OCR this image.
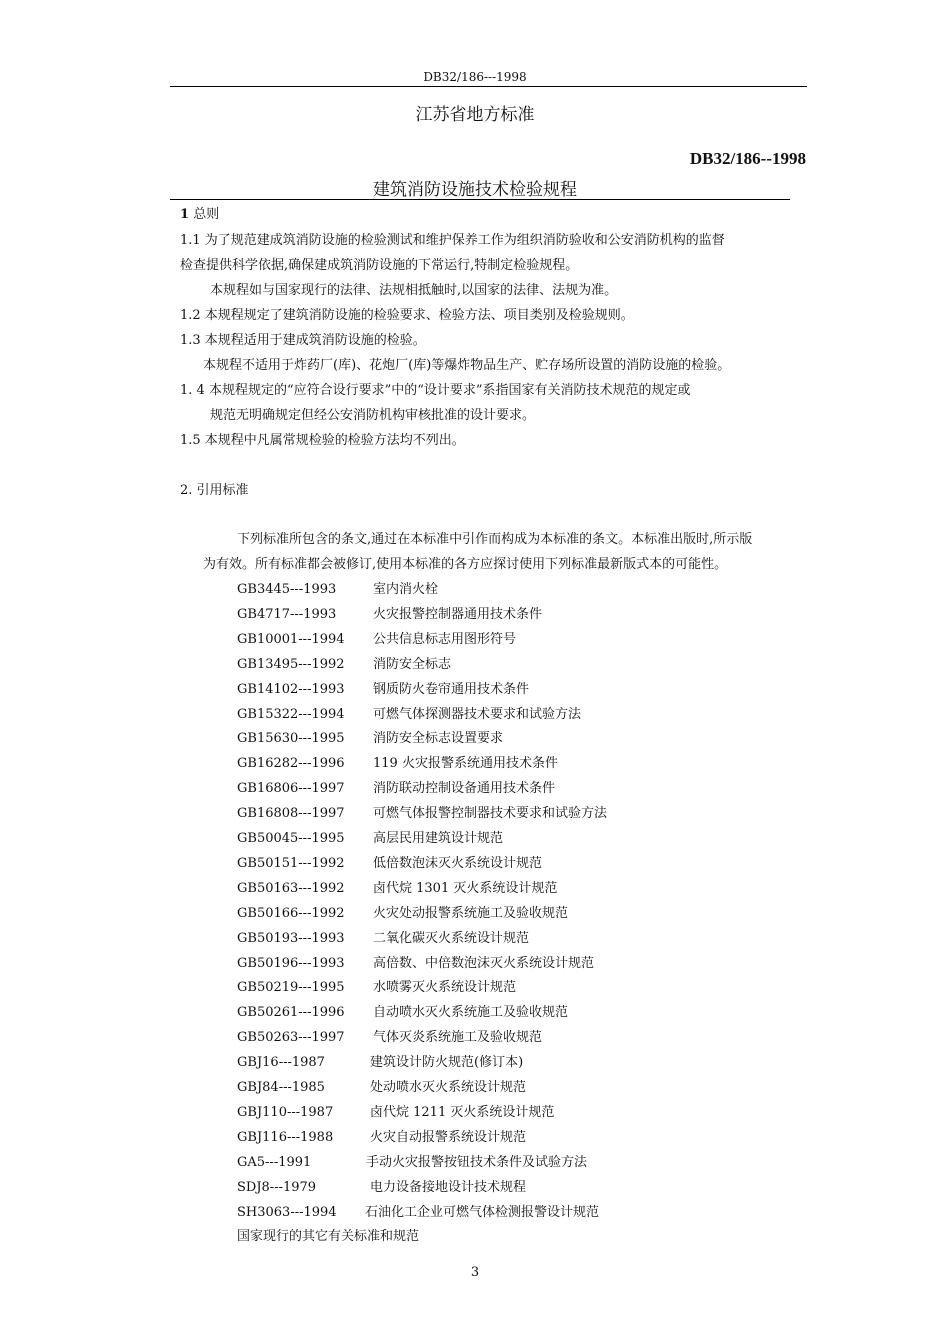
DB32/186---1998
江苏省地方标准
DB32/186--1998
建筑消防设施技术检验规程
1 总则
1.1 为了规范建成筑消防设施的检验测试和维护保养工作为组织消防验收和公安消防机构的监督
检查提供科学依据,确保建成筑消防设施的下常运行,特制定检验规程。
本规程如与国家现行的法律、法规相抵触时,以国家的法律、法规为准。
1.2 本规程规定了建筑消防设施的检验要求、检验方法、项目类别及检验规则。
1.3 本规程适用于建成筑消防设施的检验。
本规程不适用于炸药厂(库)、花炮厂(库)等爆炸物品生产、贮存场所设置的消防设施的检验。
1. 4 本规程规定的“应符合设行要求”中的“设计要求”系指国家有关消防技术规范的规定或
规范无明确规定但经公安消防机构审核批准的设计要求。
1.5 本规程中凡属常规检验的检验方法均不列出。
2. 引用标准
下列标准所包含的条文,通过在本标准中引作而构成为本标准的条文。本标准出版时,所示版
为有效。所有标准都会被修订,使用本标准的各方应探讨使用下列标准最新版式本的可能性。
GB3445---1993	室内消火栓
GB4717---1993	火灾报警控制器通用技术条件
GB10001---1994 公共信息标志用图形符号
GB13495---1992 消防安全标志
GB14102---1993 钢质防火卷帘通用技术条件
GB15322---1994 可燃气体探测器技术要求和试验方法
GB15630---1995 消防安全标志设置要求
GB16282---1996 119 火灾报警系统通用技术条件
GB16806---1997 消防联动控制设备通用技术条件
GB16808---1997 可燃气体报警控制器技术要求和试验方法
GB50045---1995 高层民用建筑设计规范
GB50151---1992 低倍数泡沫灭火系统设计规范
GB50163---1992 卤代烷 1301 灭火系统设计规范
GB50166---1992 火灾处动报警系统施工及验收规范
GB50193---1993 二氧化碳灭火系统设计规范
GB50196---1993 高倍数、中倍数泡沫灭火系统设计规范
GB50219---1995 水喷雾灭火系统设计规范
GB50261---1996 自动喷水灭火系统施工及验收规范
GB50263---1997 气体灭炎系统施工及验收规范
GBJ16---1987	建筑设计防火规范(修订本)
GBJ84---1985	处动喷水灭火系统设计规范
GBJ110---1987	卤代烷 1211 灭火系统设计规范
GBJ116---1988	火灾自动报警系统设计规范
GA5---1991	手动火灾报警按钮技术条件及试验方法
SDJ8---1979	电力设备接地设计技术规程
SH3063---1994 石油化工企业可燃气体检测报警设计规范
国家现行的其它有关标准和规范
3
